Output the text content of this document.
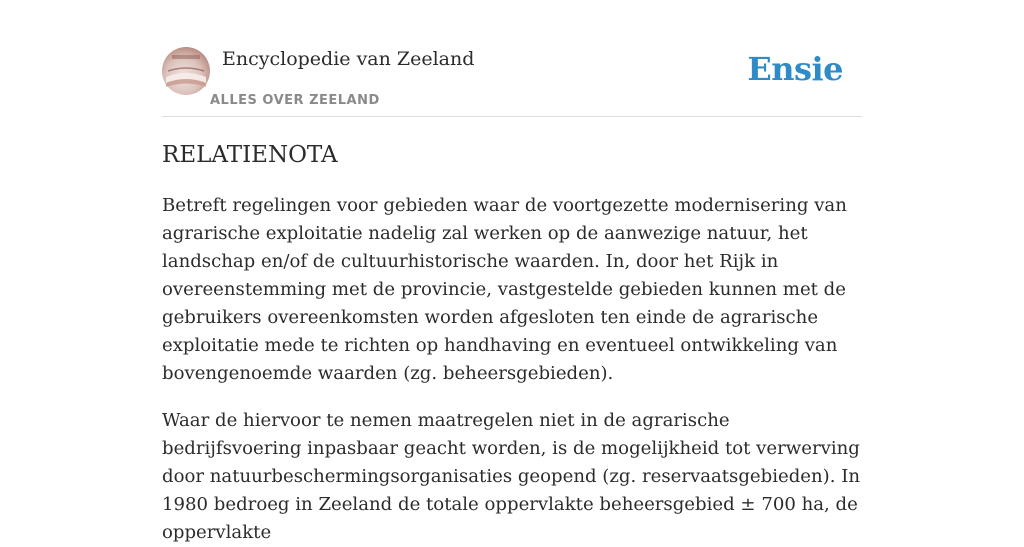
Encyclopedie van Zeeland
ALLES OVER ZEELAND
Ensie
RELATIENOTA

Betreft regelingen voor gebieden waar de voortgezette modernisering van agrarische exploitatie nadelig zal werken op de aanwezige natuur, het landschap en/of de cultuurhistorische waarden. In, door het Rijk in overeenstemming met de provincie, vastgestelde gebieden kunnen met de gebruikers overeenkomsten worden afgesloten ten einde de agrarische exploitatie mede te richten op handhaving en eventueel ontwikkeling van bovengenoemde waarden (zg. beheersgebieden).

Waar de hiervoor te nemen maatregelen niet in de agrarische bedrijfsvoering inpasbaar geacht worden, is de mogelijkheid tot verwerving door natuurbeschermingsorganisaties geopend (zg. reservaatsgebieden). In 1980 bedroeg in Zeeland de totale oppervlakte beheersgebied ± 700 ha, de oppervlakte
